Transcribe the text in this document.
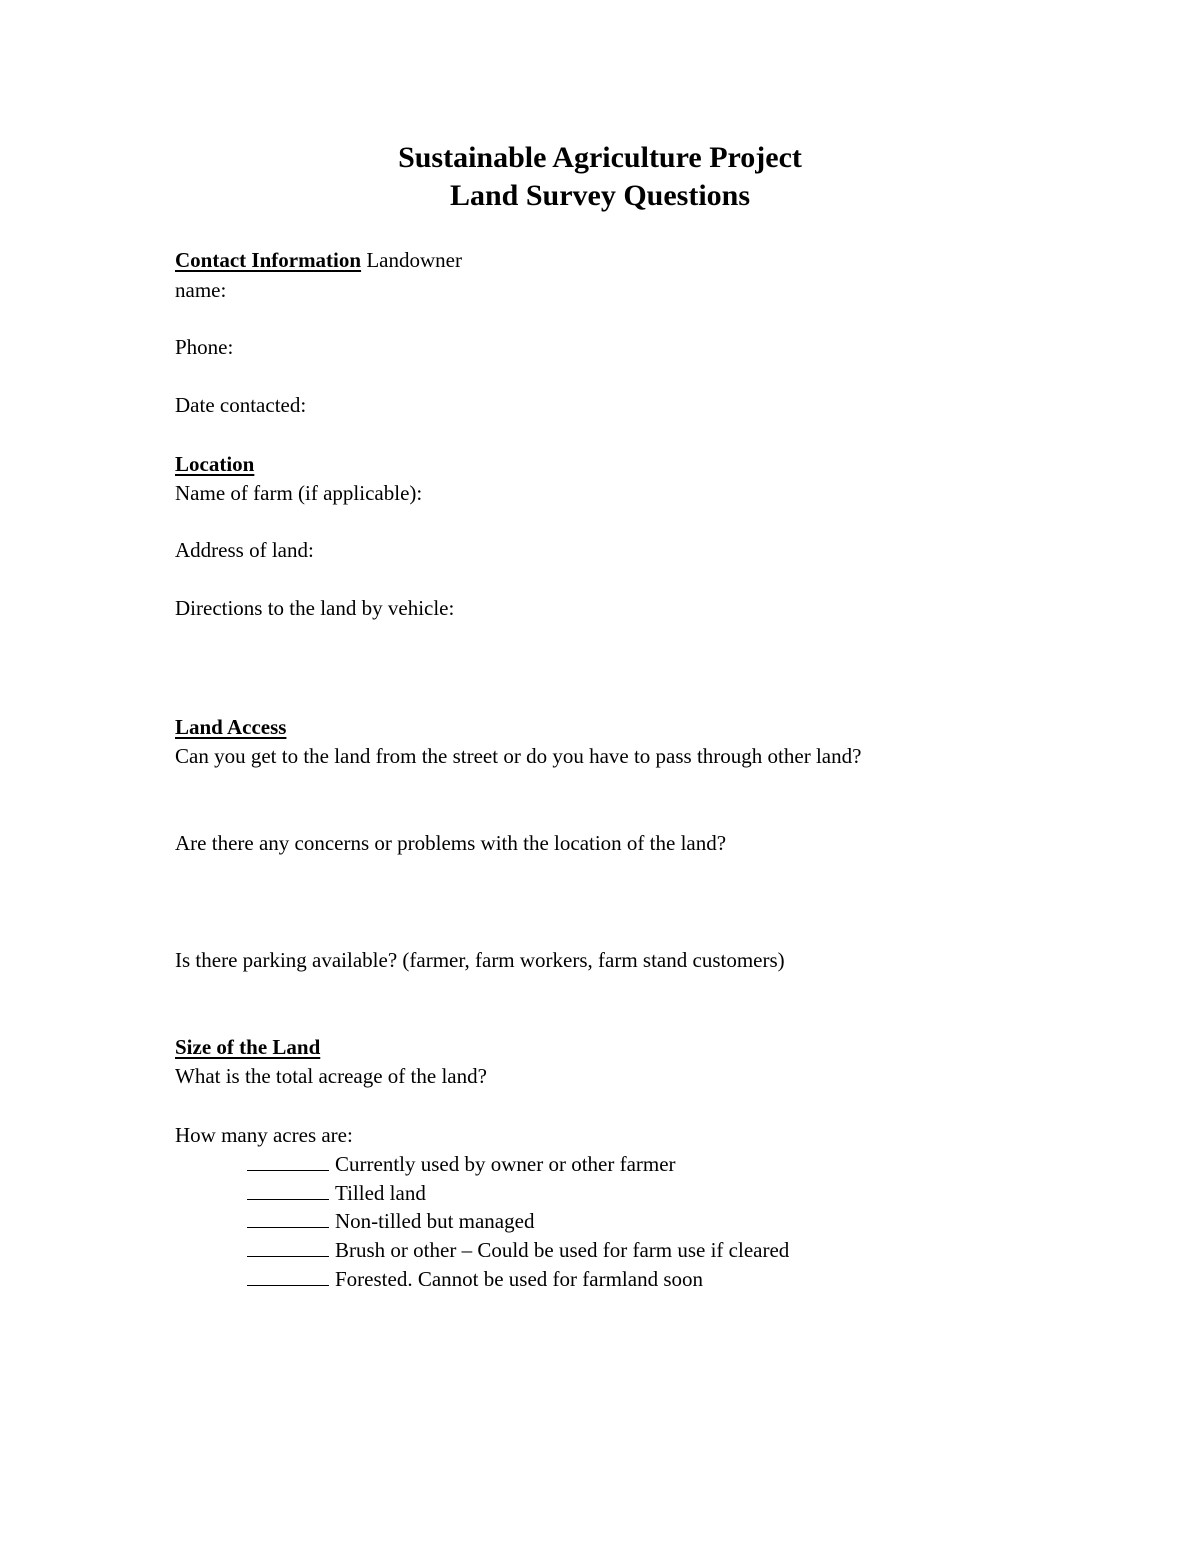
Sustainable Agriculture Project
Land Survey Questions
Contact Information Landowner
name:
Phone:
Date contacted:
Location
Name of farm (if applicable):
Address of land:
Directions to the land by vehicle:
Land Access
Can you get to the land from the street or do you have to pass through other land?
Are there any concerns or problems with the location of the land?
Is there parking available? (farmer, farm workers, farm stand customers)
Size of the Land
What is the total acreage of the land?
How many acres are:
Currently used by owner or other farmer
Tilled land
Non-tilled but managed
Brush or other – Could be used for farm use if cleared
Forested. Cannot be used for farmland soon
